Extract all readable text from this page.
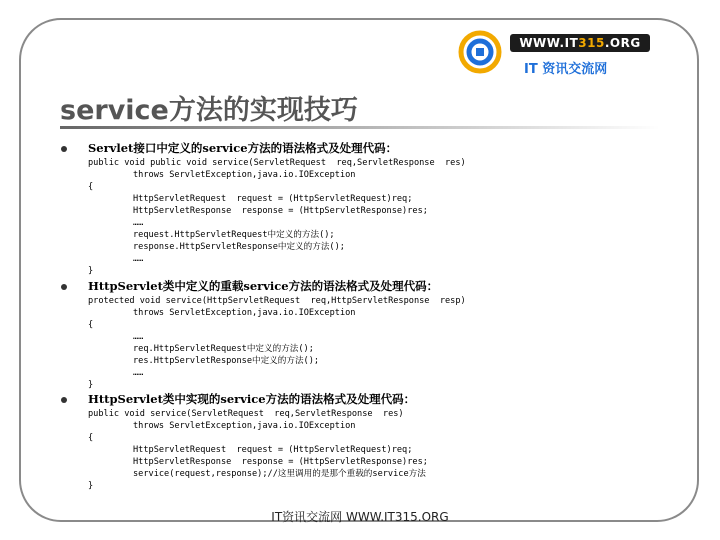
WWW.IT315.ORG
IT 资讯交流网
service方法的实现技巧
Servlet接口中定义的service方法的语法格式及处理代码：
public void public void service(ServletRequest  req,ServletResponse  res)
throws ServletException,java.io.IOException
{
HttpServletRequest  request = (HttpServletRequest)req;
HttpServletResponse  response = (HttpServletResponse)res;
……
request.HttpServletRequest中定义的方法();
response.HttpServletResponse中定义的方法();
……
}
HttpServlet类中定义的重载service方法的语法格式及处理代码：
protected void service(HttpServletRequest  req,HttpServletResponse  resp)
throws ServletException,java.io.IOException
{
……
req.HttpServletRequest中定义的方法();
res.HttpServletResponse中定义的方法();
……
}
HttpServlet类中实现的service方法的语法格式及处理代码：
public void service(ServletRequest  req,ServletResponse  res)
throws ServletException,java.io.IOException
{
HttpServletRequest  request = (HttpServletRequest)req;
HttpServletResponse  response = (HttpServletResponse)res;
service(request,response);//这里调用的是那个重载的service方法
}
IT资讯交流网 WWW.IT315.ORG
